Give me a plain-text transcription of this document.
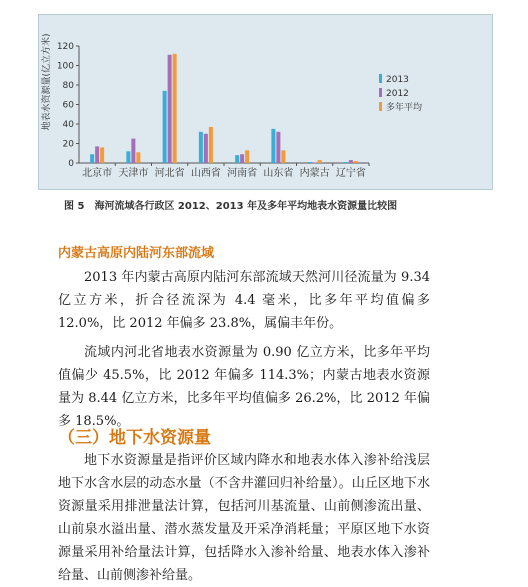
地表水资源量(亿立方米)
北京市 天津市 河北省 山西省 河南省 山东省 内蒙古 辽宁省
0
20
40
60
80
100
120
2013
2012
多年平均
图 5　海河流域各行政区 2012、2013 年及多年平均地表水资源量比较图
内蒙古高原内陆河东部流域

2013 年内蒙古高原内陆河东部流域天然河川径流量为 9.34 亿立方米，折合径流深为 4.4 毫米，比多年平均值偏多 12.0%，比 2012 年偏多 23.8%，属偏丰年份。

流域内河北省地表水资源量为 0.90 亿立方米，比多年平均值偏少 45.5%，比 2012 年偏多 114.3%；内蒙古地表水资源量为 8.44 亿立方米，比多年平均值偏多 26.2%，比 2012 年偏多 18.5%。

（三）地下水资源量

地下水资源量是指评价区域内降水和地表水体入渗补给浅层地下水含水层的动态水量（不含井灌回归补给量）。山丘区地下水资源量采用排泄量法计算，包括河川基流量、山前侧渗流出量、山前泉水溢出量、潜水蒸发量及开采净消耗量；平原区地下水资源量采用补给量法计算，包括降水入渗补给量、地表水体入渗补给量、山前侧渗补给量。
